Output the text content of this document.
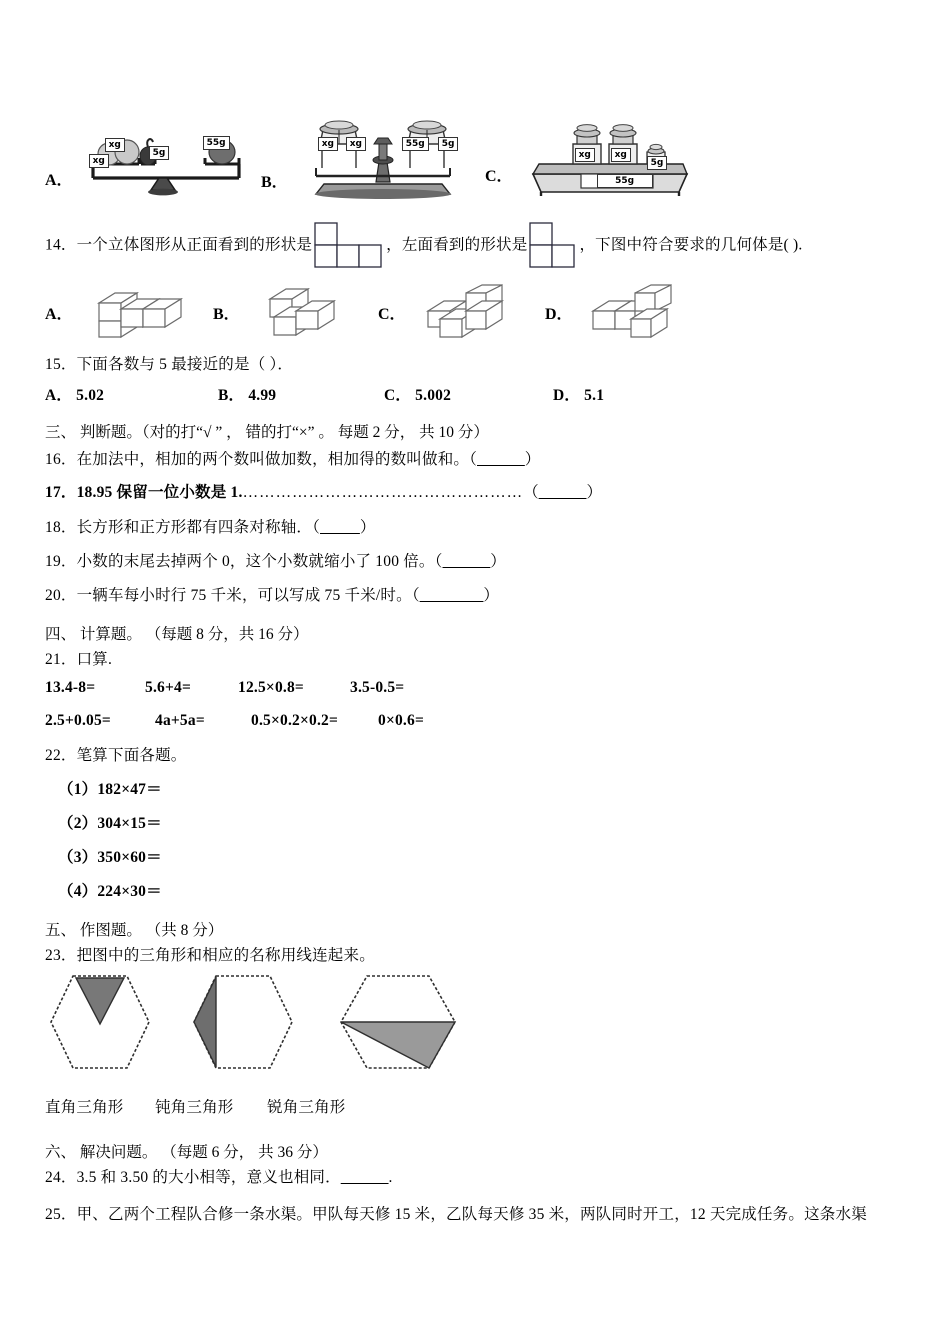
A．
xg
xg
5g
55g
B．
xg	xg	55g	5g
C．
xg	xg
5g
55g
14．一个立体图形从正面看到的形状是	，左面看到的形状是	，下图中符合要求的几何体是( ).
A．	B．	C．	D．
15．下面各数与 5 最接近的是（ ）．
A． 5.02	B． 4.99	C． 5.002	D． 5.1
三、 判断题。（对的打“√ ” ， 错的打“×” 。 每题 2 分， 共 10 分）
16．在加法中，相加的两个数叫做加数，相加得的数叫做和。（______）
17．18.95 保留一位小数是 1.……………………………………………（______）
18．长方形和正方形都有四条对称轴．（_____）
19．小数的末尾去掉两个 0，这个小数就缩小了 100 倍。（______）
20．一辆车每小时行 75 千米，可以写成 75 千米/时。（________）
四、 计算题。 （每题 8 分，共 16 分）
21．口算.
13.4-8=	5.6+4=	12.5×0.8=	3.5-0.5=
2.5+0.05=	4a+5a=	0.5×0.2×0.2=	0×0.6=
22．笔算下面各题。
（1）182×47＝
（2）304×15＝
（3）350×60＝
（4）224×30＝
五、 作图题。 （共 8 分）
23．把图中的三角形和相应的名称用线连起来。
直角三角形 钝角三角形 锐角三角形
六、 解决问题。 （每题 6 分， 共 36 分）
24．3.5 和 3.50 的大小相等，意义也相同．______.
25．甲、乙两个工程队合修一条水渠。甲队每天修 15 米，乙队每天修 35 米，两队同时开工，12 天完成任务。这条水渠
